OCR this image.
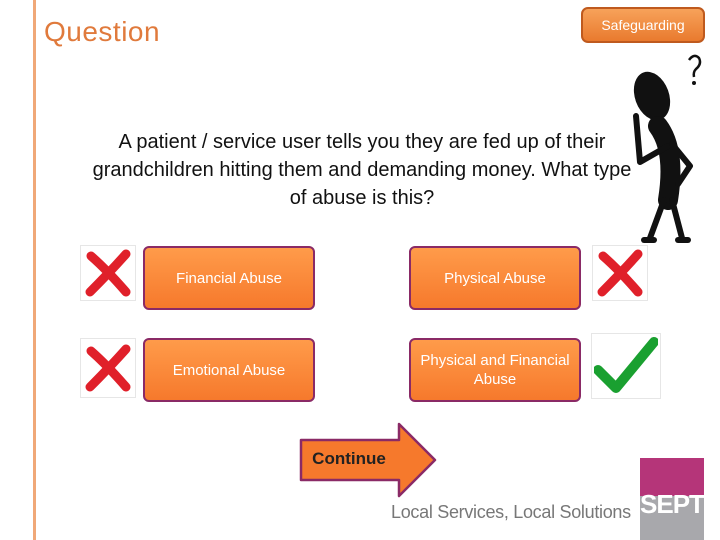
Question	Safeguarding
A patient / service user tells you they are fed up of their grandchildren hitting them and demanding money. What type of abuse is this?
Financial Abuse	Physical Abuse
Emotional Abuse
Physical and Financial Abuse
Continue
Local Services, Local Solutions SEPT
